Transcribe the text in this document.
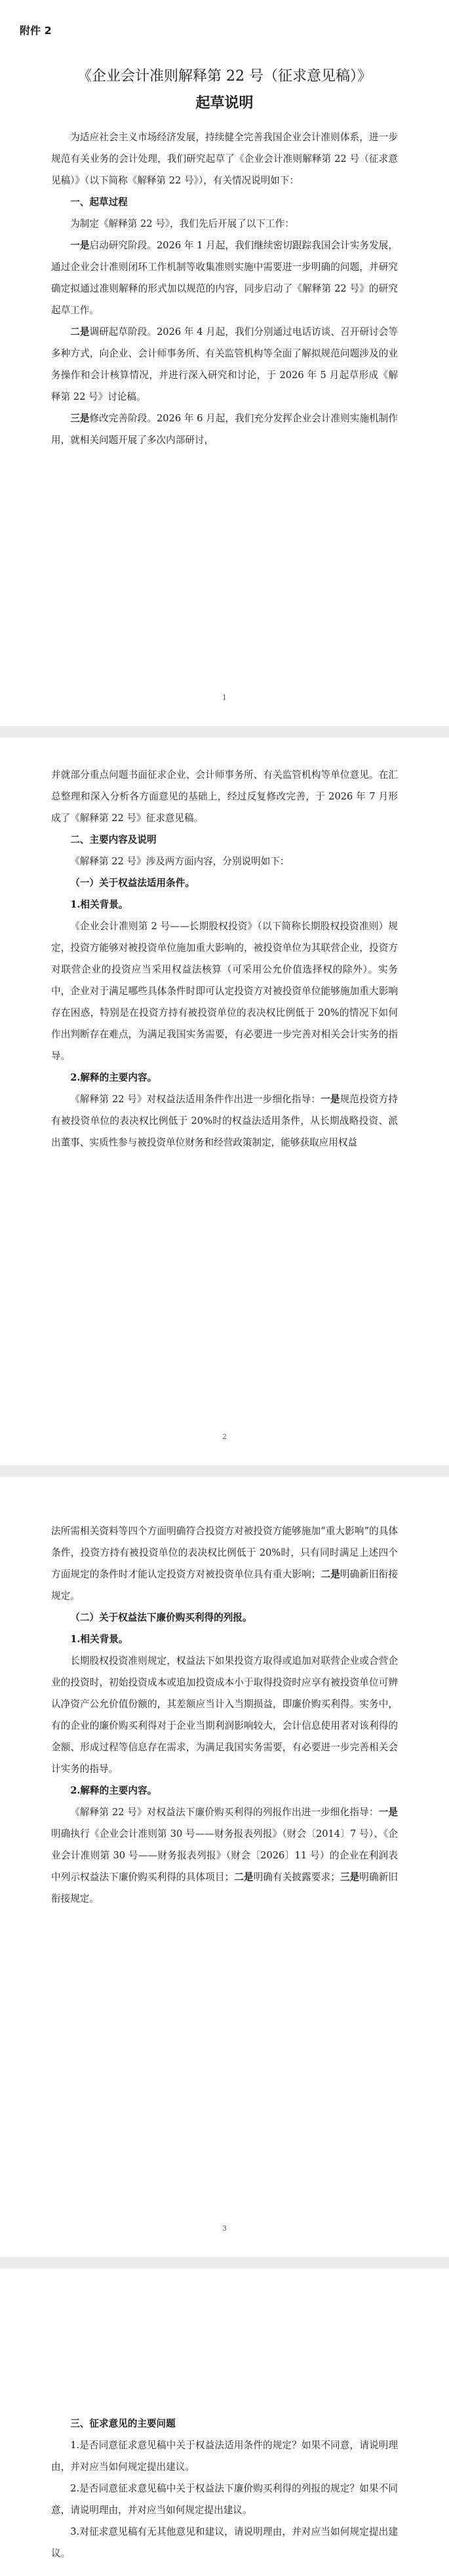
附件 2
《企业会计准则解释第 22 号（征求意见稿）》
起草说明

为适应社会主义市场经济发展，持续健全完善我国企业会计准则体系，进一步规范有关业务的会计处理，我们研究起草了《企业会计准则解释第 22 号（征求意见稿）》（以下简称《解释第 22 号》），有关情况说明如下：

一、起草过程

为制定《解释第 22 号》，我们先后开展了以下工作：

一是启动研究阶段。2026 年 1 月起，我们继续密切跟踪我国会计实务发展，通过企业会计准则闭环工作机制等收集准则实施中需要进一步明确的问题，并研究确定拟通过准则解释的形式加以规范的内容，同步启动了《解释第 22 号》的研究起草工作。

二是调研起草阶段。2026 年 4 月起，我们分别通过电话访谈、召开研讨会等多种方式，向企业、会计师事务所、有关监管机构等全面了解拟规范问题涉及的业务操作和会计核算情况，并进行深入研究和讨论，于 2026 年 5 月起草形成《解释第 22 号》讨论稿。

三是修改完善阶段。2026 年 6 月起，我们充分发挥企业会计准则实施机制作用，就相关问题开展了多次内部研讨，

1

并就部分重点问题书面征求企业、会计师事务所、有关监管机构等单位意见。在汇总整理和深入分析各方面意见的基础上，经过反复修改完善，于 2026 年 7 月形成了《解释第 22 号》征求意见稿。

二、主要内容及说明

《解释第 22 号》涉及两方面内容，分别说明如下：

（一）关于权益法适用条件。

1.相关背景。

《企业会计准则第 2 号——长期股权投资》（以下简称长期股权投资准则）规定，投资方能够对被投资单位施加重大影响的，被投资单位为其联营企业，投资方对联营企业的投资应当采用权益法核算（可采用公允价值选择权的除外）。实务中，企业对于满足哪些具体条件时即可认定投资方对被投资单位能够施加重大影响存在困惑，特别是在投资方持有被投资单位的表决权比例低于 20%的情况下如何作出判断存在难点，为满足我国实务需要，有必要进一步完善对相关会计实务的指导。

2.解释的主要内容。

《解释第 22 号》对权益法适用条件作出进一步细化指导：一是规范投资方持有被投资单位的表决权比例低于 20%时的权益法适用条件，从长期战略投资、派出董事、实质性参与被投资单位财务和经营政策制定，能够获取应用权益

2

法所需相关资料等四个方面明确符合投资方对被投资方能够施加“重大影响”的具体条件，投资方持有被投资单位的表决权比例低于 20%时，只有同时满足上述四个方面规定的条件时才能认定投资方对被投资单位具有重大影响；二是明确新旧衔接规定。

（二）关于权益法下廉价购买利得的列报。

1.相关背景。

长期股权投资准则规定，权益法下如果投资方取得或追加对联营企业或合营企业的投资时，初始投资成本或追加投资成本小于取得投资时应享有被投资单位可辨认净资产公允价值份额的，其差额应当计入当期损益，即廉价购买利得。实务中，有的企业的廉价购买利得对于企业当期利润影响较大，会计信息使用者对该利得的金额、形成过程等信息存在需求，为满足我国实务需要，有必要进一步完善相关会计实务的指导。

2.解释的主要内容。

《解释第 22 号》对权益法下廉价购买利得的列报作出进一步细化指导：一是明确执行《企业会计准则第 30 号——财务报表列报》（财会〔2014〕7 号）、《企业会计准则第 30 号——财务报表列报》（财会〔2026〕11 号）的企业在利润表中列示权益法下廉价购买利得的具体项目；二是明确有关披露要求；三是明确新旧衔接规定。

3

三、征求意见的主要问题

1.是否同意征求意见稿中关于权益法适用条件的规定？如果不同意，请说明理由，并对应当如何规定提出建议。

2.是否同意征求意见稿中关于权益法下廉价购买利得的列报的规定？如果不同意，请说明理由，并对应当如何规定提出建议。

3.对征求意见稿有无其他意见和建议，请说明理由，并对应当如何规定提出建议。
